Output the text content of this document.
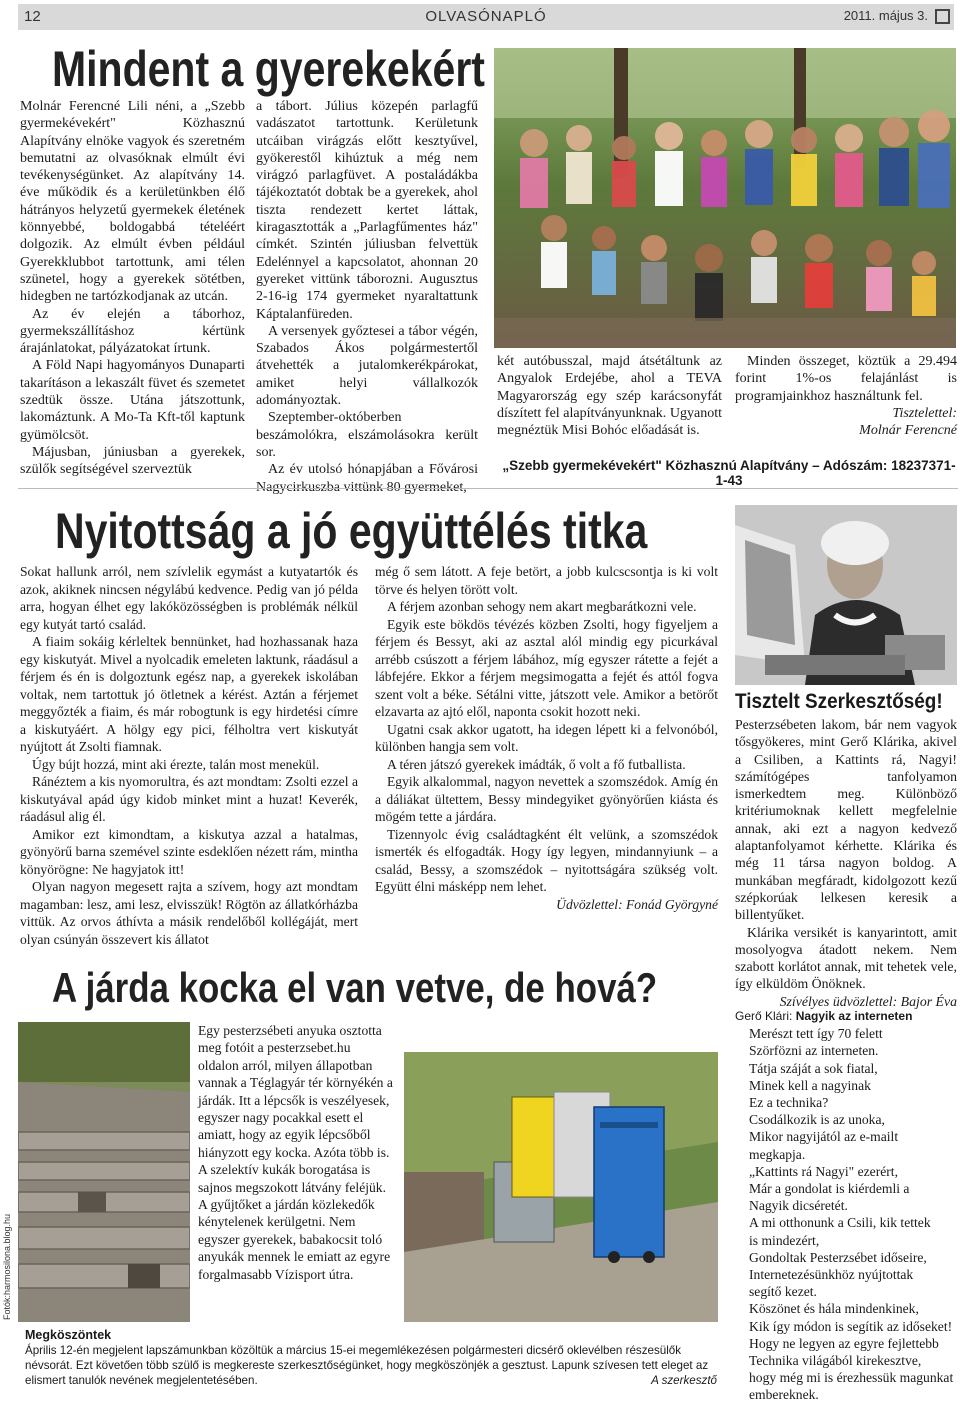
12	OLVASÓNAPLÓ	2011. május 3.
Mindent a gyerekekért

Molnár Ferencné Lili néni, a „Szebb gyermekévekért" Közhasznú Alapítvány elnöke vagyok és szeretném bemutatni az olvasóknak elmúlt évi tevékenységünket. Az alapítvány 14. éve működik és a kerületünkben élő hátrányos helyzetű gyermekek életének könnyebbé, boldogabbá tételéért dolgozik. Az elmúlt évben például Gyerekklubbot tartottunk, ami télen szünetel, hogy a gyerekek sötétben, hidegben ne tartózkodjanak az utcán.

Az év elején a táborhoz, gyermekszállításhoz kértünk árajánlatokat, pályázatokat írtunk.

A Föld Napi hagyományos Dunaparti takarításon a lekaszált füvet és szemetet szedtük össze. Utána játszottunk, lakomáztunk. A Mo-Ta Kft-től kaptunk gyümölcsöt.

Májusban, júniusban a gyerekek, szülők segítségével szerveztük

a tábort. Július közepén parlagfű vadászatot tartottunk. Kerületunk utcáiban virágzás előtt kesztyűvel, gyökerestől kihúztuk a még nem virágzó parlagfüvet. A postaládákba tájékoztatót dobtak be a gyerekek, ahol tiszta rendezett kertet láttak, kiragasztották a „Parlagfűmentes ház" címkét. Szintén júliusban felvettük Edelénnyel a kapcsolatot, ahonnan 20 gyereket vittünk táborozni. Augusztus 2-16-ig 174 gyermeket nyaraltattunk Káptalanfüreden.

A versenyek győztesei a tábor végén, Szabados Ákos polgármestertől átvehették a jutalomkerékpárokat, amiket helyi vállalkozók adományoztak.

Szeptember-októberben beszámolókra, elszámolásokra került sor.

Az év utolsó hónapjában a Fővárosi

két autóbusszal, majd átsétáltunk az Angyalok Erdejébe, ahol a TEVA Magyarország egy szép karácsonyfát díszített fel alapítványunknak. Ugyanott megnéztük Misi Bohóc előadását is.

Minden összeget, köztük a 29.494 forint 1%-os felajánlást is programjainkhoz használtunk fel.

Tisztelettel:

Molnár Ferencné

„Szebb gyermekévekért" Közhasznú Alapítvány – Adószám: 18237371-1-43
Nyitottság a jó együttélés titka

Sokat hallunk arról, nem szívlelik egymást a kutyatartók és azok, akiknek nincsen négylábú kedvence. Pedig van jó példa arra, hogyan élhet egy lakóközösségben is problémák nélkül egy kutyát tartó család.

A fiaim sokáig kérleltek bennünket, had hozhassanak haza egy kiskutyát. Mivel a nyolcadik emeleten laktunk, ráadásul a férjem és én is dolgoztunk egész nap, a gyerekek iskolában voltak, nem tartottuk jó ötletnek a kérést. Aztán a férjemet meggyőzték a fiaim, és már robogtunk is egy hirdetési címre a kiskutyáért. A hölgy egy pici, félholtra vert kiskutyát nyújtott át Zsolti fiamnak.

Úgy bújt hozzá, mint aki érezte, talán most menekül.

Ránéztem a kis nyomorultra, és azt mondtam: Zsolti ezzel a kiskutyával apád úgy kidob minket mint a huzat! Keverék, ráadásul alig él.

Amikor ezt kimondtam, a kiskutya azzal a hatalmas, gyönyörű barna szemével szinte esdeklően nézett rám, mintha könyörögne: Ne hagyjatok itt!

Olyan nagyon megesett rajta a szívem, hogy azt mondtam magamban: lesz, ami lesz, elvisszük! Rögtön az állatkórházba vittük. Az orvos áthívta a másik rendelőből kollégáját, mert olyan csúnyán összevert kis állatot

még ő sem látott. A feje betört, a jobb kulcscsontja is ki volt törve és helyen törött volt.

A férjem azonban sehogy nem akart megbarátkozni vele.

Egyik este bökdös tévézés közben Zsolti, hogy figyeljem a férjem és Bessyt, aki az asztal alól mindig egy picurkával arrébb csúszott a férjem lábához, míg egyszer rátette a fejét a lábfejére. Ekkor a férjem megsimogatta a fejét és attól fogva szent volt a béke. Sétálni vitte, játszott vele. Amikor a betörőt elzavarta az ajtó elől, naponta csokit hozott neki.

Ugatni csak akkor ugatott, ha idegen lépett ki a felvonóból, különben hangja sem volt.

A téren játszó gyerekek imádták, ő volt a fő futballista.

Egyik alkalommal, nagyon nevettek a szomszédok. Amíg én a dáliákat ültettem, Bessy mindegyiket gyönyörűen kiásta és mögém tette a járdára.

Tizennyolc évig családtagként élt velünk, a szomszédok ismerték és elfogadták. Hogy így legyen, mindannyiunk – a család, Bessy, a szomszédok – nyitottságára szükség volt. Együtt élni másképp nem lehet.

Üdvözlettel: Fonád Györgyné

Tisztelt Szerkesztőség!

Pesterzsébeten lakom, bár nem vagyok tősgyökeres, mint Gerő Klárika, akivel a Csiliben, a Kattints rá, Nagyi! számítógépes tanfolyamon ismerkedtem meg. Különböző kritériumoknak kellett megfelelnie annak, aki ezt a nagyon kedvező alaptanfolyamot kérhette. Klárika és még 11 társa nagyon boldog. A munkában megfáradt, kidolgozott kezű szépkorúak lelkesen keresik a billentyűket.

Klárika versikét is kanyarintott, amit mosolyogva átadott nekem. Nem szabott korlátot annak, mit tehetek vele, így elküldöm Önöknek.

Szívélyes üdvözlettel: Bajor Éva

A járda kocka el van vetve, de hová?

Egy pesterzsébeti anyuka osztotta meg fotóit a pesterzsebet.hu oldalon arról, milyen állapotban vannak a Téglagyár tér környékén a járdák. Itt a lépcsők is veszélyesek, egyszer nagy pocakkal esett el amiatt, hogy az egyik lépcsőből hiányzott egy kocka. Azóta több is. A szelektív kukák borogatása is sajnos megszokott látvány feléjük. A gyűjtőket a járdán közlekedők kénytelenek kerülgetni. Nem egyszer gyerekek, babakocsit toló anyukák mennek le emiatt az egyre forgalmasabb Vízisport útra.

Fotók:harmosilona.blog.hu

Gerő Klári: Nagyik az interneten

Merészt tett így 70 felett
Szörfözni az interneten.
Tátja száját a sok fiatal,
Minek kell a nagyinak
Ez a technika?
Csodálkozik is az unoka,
Mikor nagyijától az e-mailt
megkapja.
„Kattints rá Nagyi" ezerért,
Már a gondolat is kiérdemli a
Nagyik dicséretét.
A mi otthonunk a Csili, kik tettek
is mindezért,
Gondoltak Pesterzsébet időseire,
Internetezésünkhöz nyújtottak
segítő kezet.
Köszönet és hála mindenkinek,
Kik így módon is segítik az időseket!
Hogy ne legyen az egyre fejlettebb
Technika világából kirekesztve,
hogy még mi is érezhessük magunkat embereknek.
Megköszöntek
Április 12-én megjelent lapszámunkban közöltük a március 15-ei megemlékezésen polgármesteri dicsérő oklevélben részesülők névsorát. Ezt követően több szülő is megkereste szerkesztőségünket, hogy megköszönjék a gesztust. Lapunk szívesen tett eleget az elismert tanulók nevének megjelentetésében.	A szerkesztő
